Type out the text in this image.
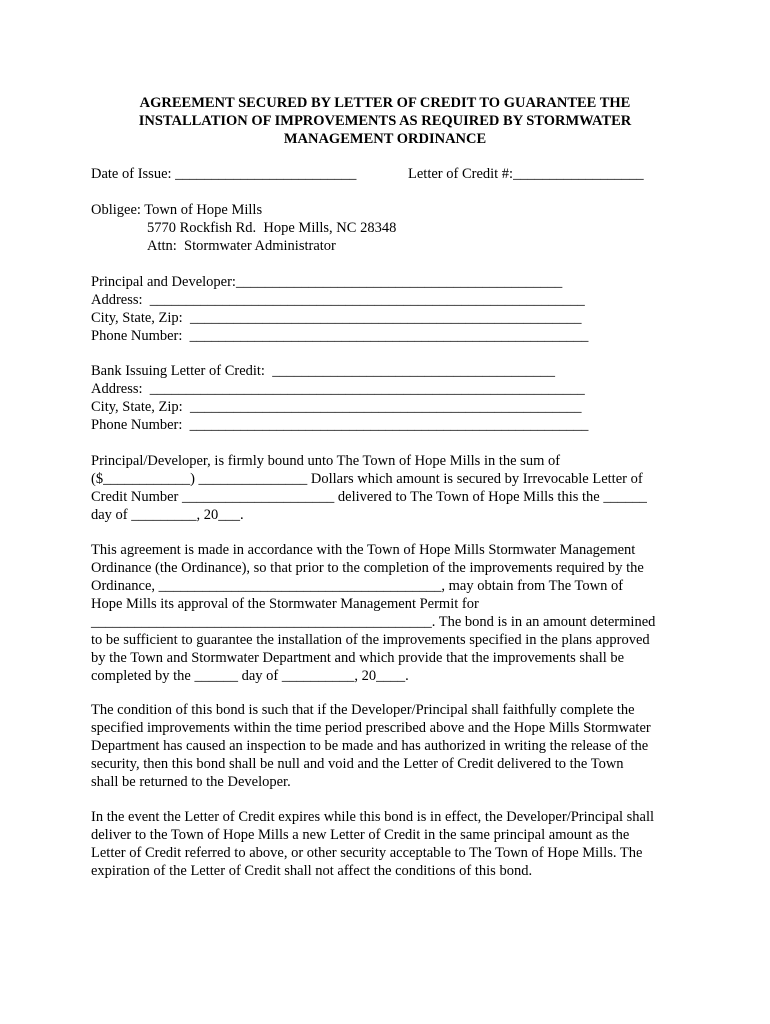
AGREEMENT SECURED BY LETTER OF CREDIT TO GUARANTEE THE
INSTALLATION OF IMPROVEMENTS AS REQUIRED BY STORMWATER
MANAGEMENT ORDINANCE
Date of Issue: _________________________	Letter of Credit #:__________________
Obligee: Town of Hope Mills
5770 Rockfish Rd.  Hope Mills, NC 28348
Attn:  Stormwater Administrator
Principal and Developer:_____________________________________________
Address:  ____________________________________________________________
City, State, Zip:  ______________________________________________________
Phone Number:  _______________________________________________________
Bank Issuing Letter of Credit:  _______________________________________
Address:  ____________________________________________________________
City, State, Zip:  ______________________________________________________
Phone Number:  _______________________________________________________
Principal/Developer, is firmly bound unto The Town of Hope Mills in the sum of
($____________) _______________ Dollars which amount is secured by Irrevocable Letter of
Credit Number _____________________ delivered to The Town of Hope Mills this the ______
day of _________, 20___.
This agreement is made in accordance with the Town of Hope Mills Stormwater Management
Ordinance (the Ordinance), so that prior to the completion of the improvements required by the
Ordinance, _______________________________________, may obtain from The Town of
Hope Mills its approval of the Stormwater Management Permit for
_______________________________________________. The bond is in an amount determined
to be sufficient to guarantee the installation of the improvements specified in the plans approved
by the Town and Stormwater Department and which provide that the improvements shall be
completed by the ______ day of __________, 20____.
The condition of this bond is such that if the Developer/Principal shall faithfully complete the
specified improvements within the time period prescribed above and the Hope Mills Stormwater
Department has caused an inspection to be made and has authorized in writing the release of the
security, then this bond shall be null and void and the Letter of Credit delivered to the Town
shall be returned to the Developer.
In the event the Letter of Credit expires while this bond is in effect, the Developer/Principal shall
deliver to the Town of Hope Mills a new Letter of Credit in the same principal amount as the
Letter of Credit referred to above, or other security acceptable to The Town of Hope Mills. The
expiration of the Letter of Credit shall not affect the conditions of this bond.
